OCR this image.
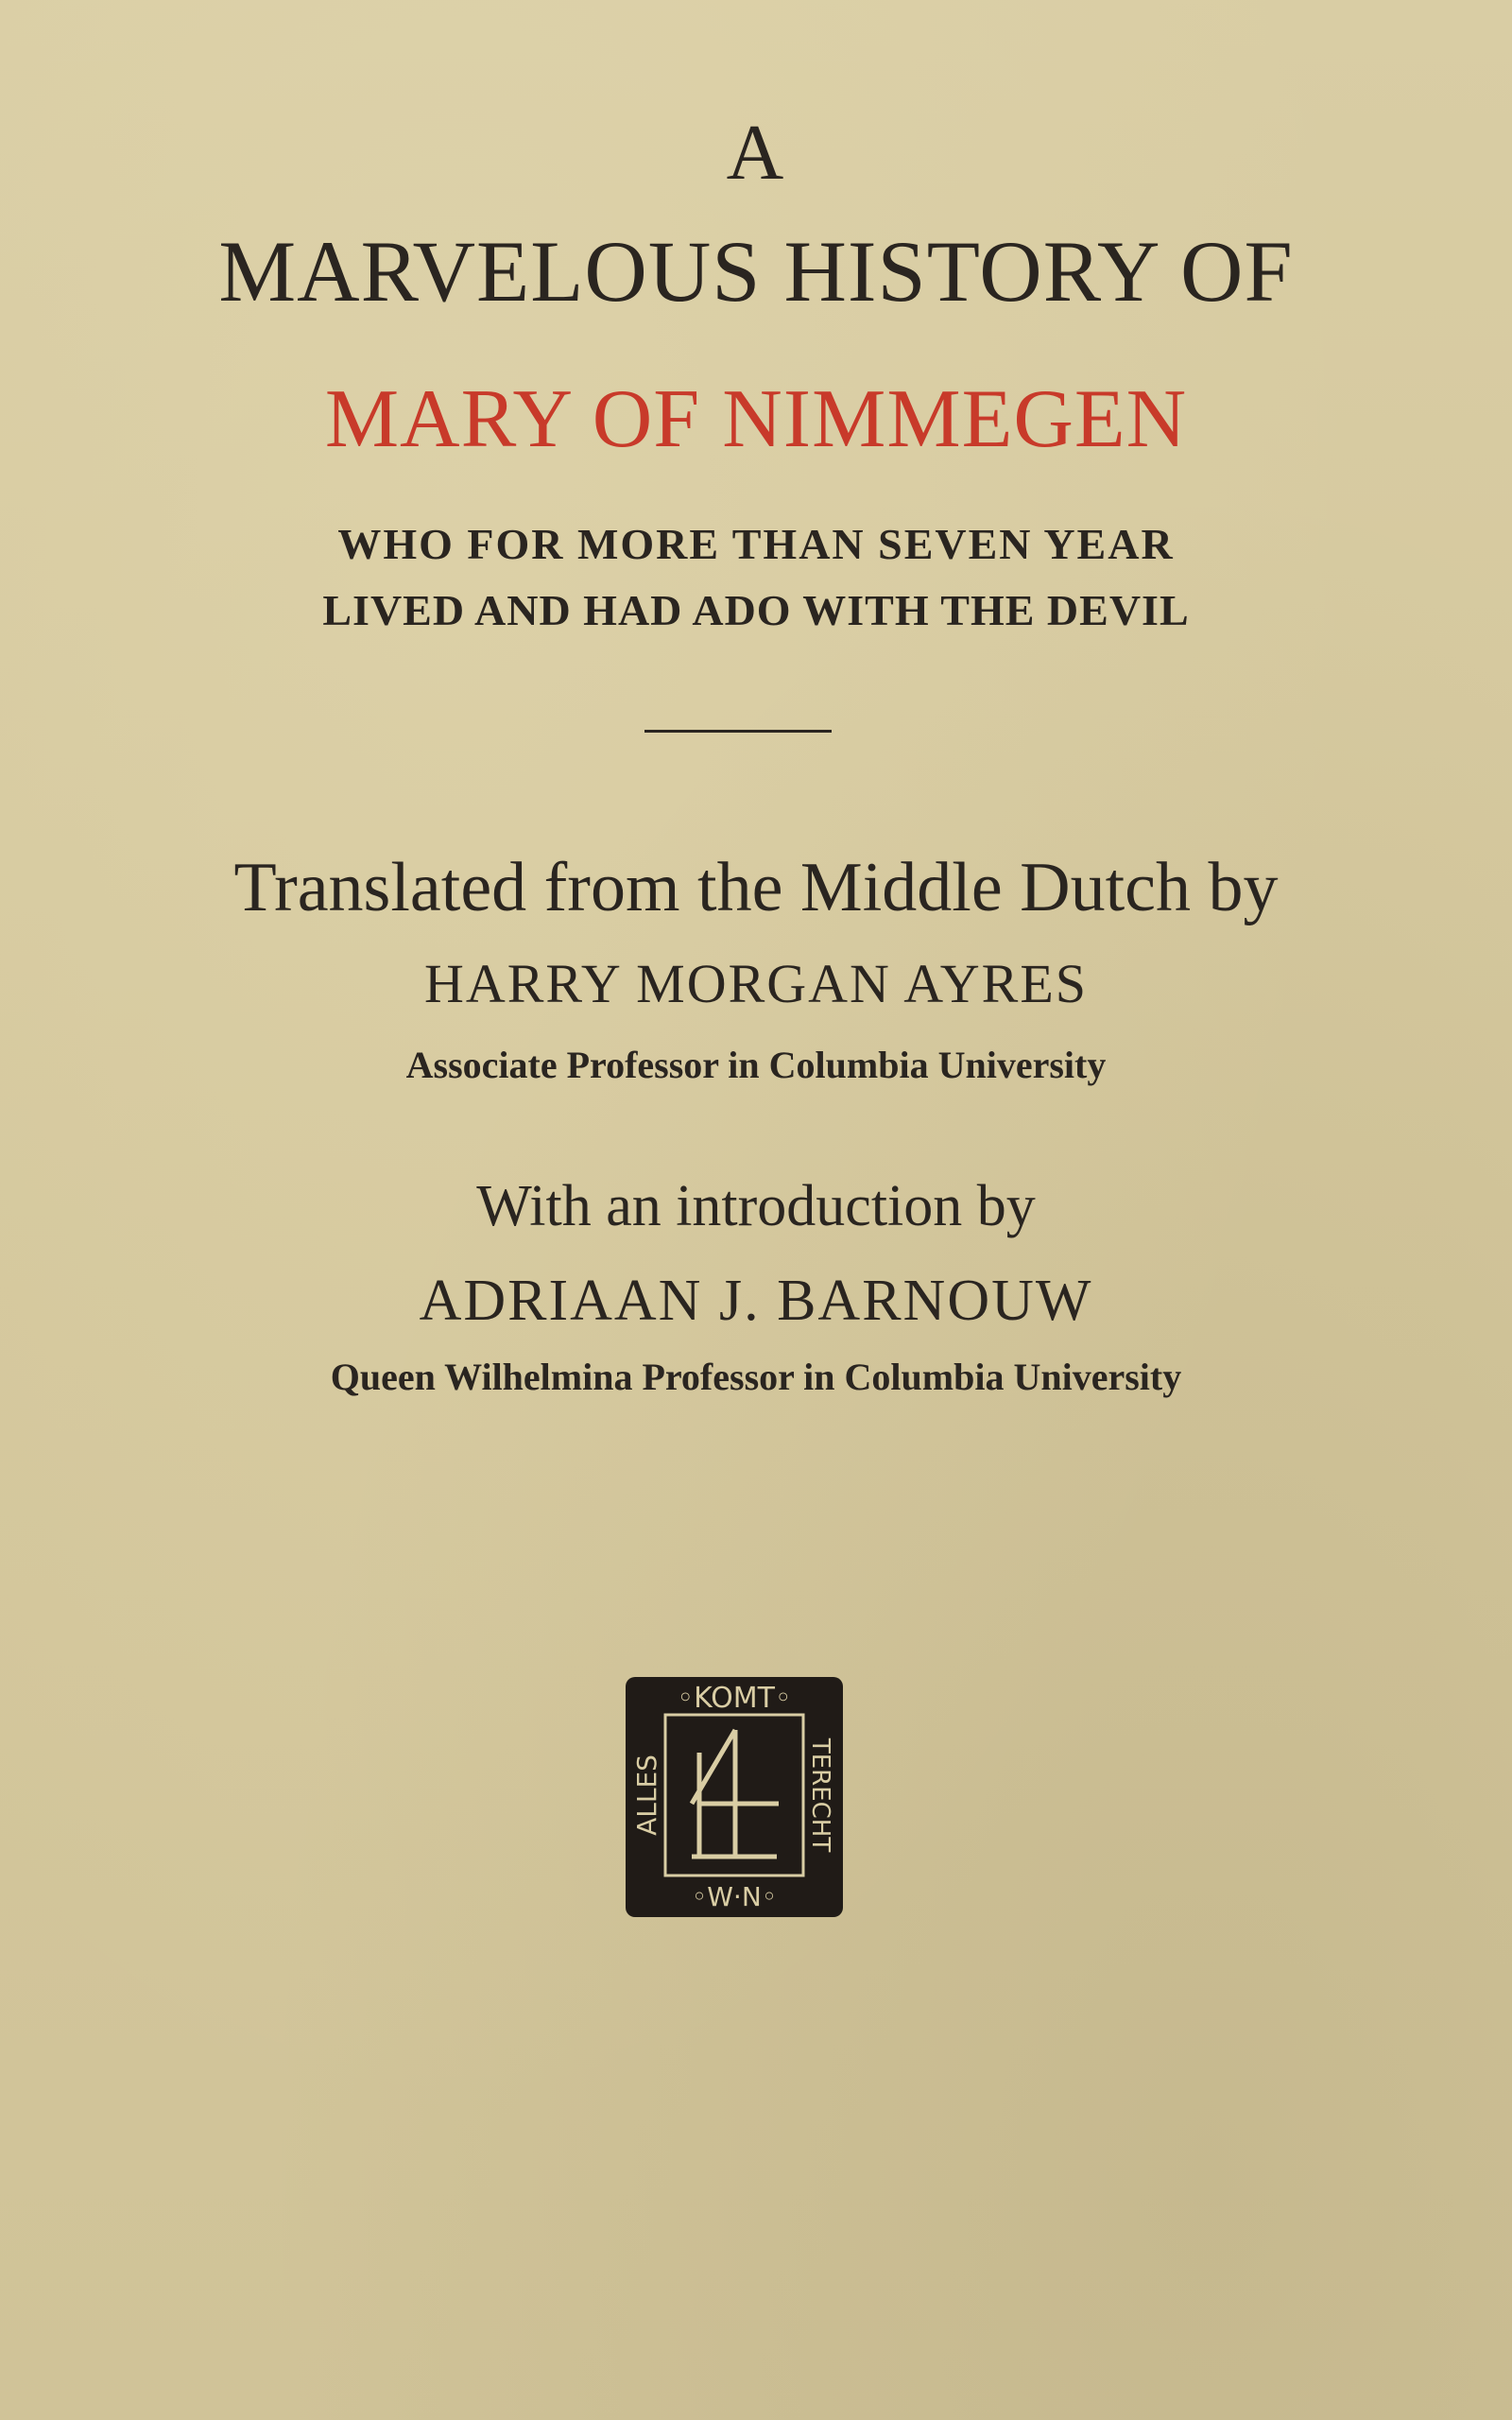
A
MARVELOUS HISTORY OF
MARY OF NIMMEGEN
WHO FOR MORE THAN SEVEN YEAR
LIVED AND HAD ADO WITH THE DEVIL
Translated from the Middle Dutch by
HARRY MORGAN AYRES
Associate Professor in Columbia University
With an introduction by
ADRIAAN J. BARNOUW
Queen Wilhelmina Professor in Columbia University
◦KOMT◦
◦W·N◦
ALLES	TERECHT
